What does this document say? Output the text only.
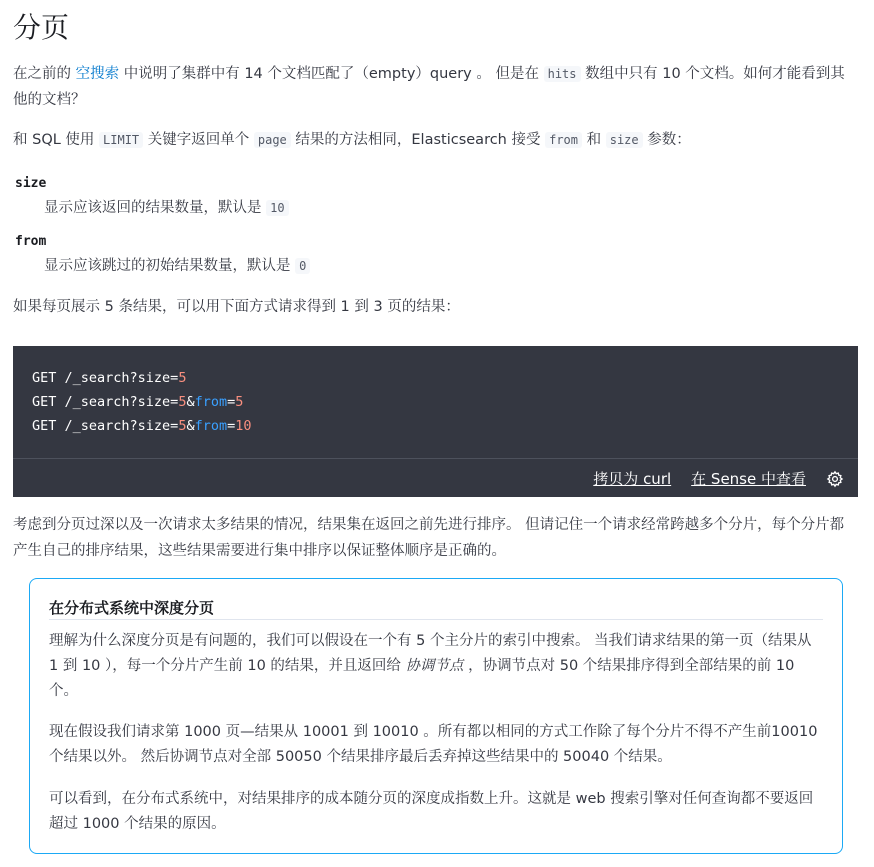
分页

在之前的 空搜索 中说明了集群中有 14 个文档匹配了（empty）query 。 但是在 hits 数组中只有 10 个文档。如何才能看到其他的文档？

和 SQL 使用 LIMIT 关键字返回单个 page 结果的方法相同，Elasticsearch 接受 from 和 size 参数：

size

显示应该返回的结果数量，默认是 10

from

显示应该跳过的初始结果数量，默认是 0

如果每页展示 5 条结果，可以用下面方式请求得到 1 到 3 页的结果：

GET /_search?size=5
GET /_search?size=5&from=5
GET /_search?size=5&from=10
拷贝为 curl 在 Sense 中查看

考虑到分页过深以及一次请求太多结果的情况，结果集在返回之前先进行排序。 但请记住一个请求经常跨越多个分片，每个分片都产生自己的排序结果，这些结果需要进行集中排序以保证整体顺序是正确的。

在分布式系统中深度分页

理解为什么深度分页是有问题的，我们可以假设在一个有 5 个主分片的索引中搜索。 当我们请求结果的第一页（结果从 1 到 10 ），每一个分片产生前 10 的结果，并且返回给 协调节点 ，协调节点对 50 个结果排序得到全部结果的前 10 个。

现在假设我们请求第 1000 页—结果从 10001 到 10010 。所有都以相同的方式工作除了每个分片不得不产生前10010个结果以外。 然后协调节点对全部 50050 个结果排序最后丢弃掉这些结果中的 50040 个结果。

可以看到，在分布式系统中，对结果排序的成本随分页的深度成指数上升。这就是 web 搜索引擎对任何查询都不要返回超过 1000 个结果的原因。
